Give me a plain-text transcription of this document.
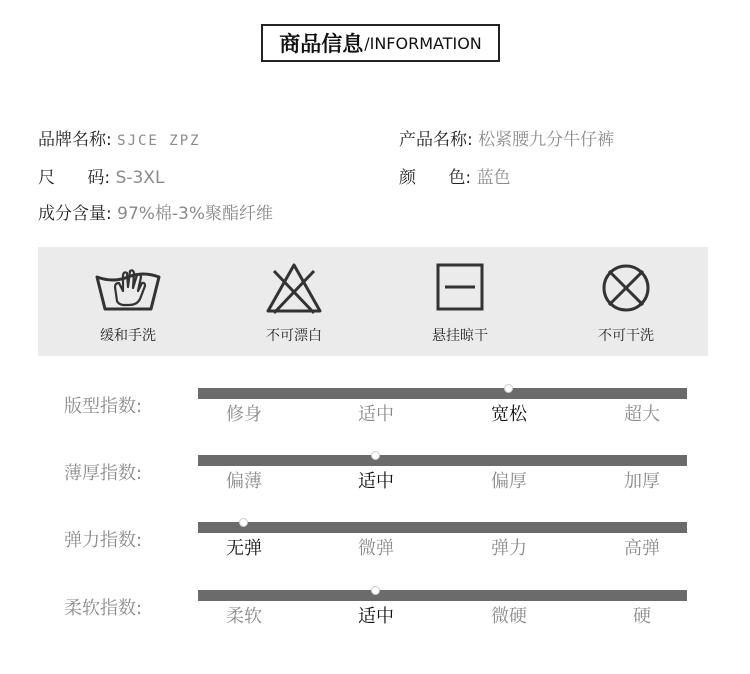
商品信息 /INFORMATION
品牌名称: SJCE ZPZ	产品名称: 松紧腰九分牛仔裤
尺      码: S-3XL	颜      色: 蓝色
成分含量: 97%棉-3%聚酯纤维
缓和手洗	不可漂白	悬挂晾干	不可干洗
版型指数:	修身	适中	宽松	超大
薄厚指数:	偏薄	适中	偏厚	加厚
弹力指数:	无弹	微弹	弹力	高弹
柔软指数:	柔软	适中	微硬	硬
